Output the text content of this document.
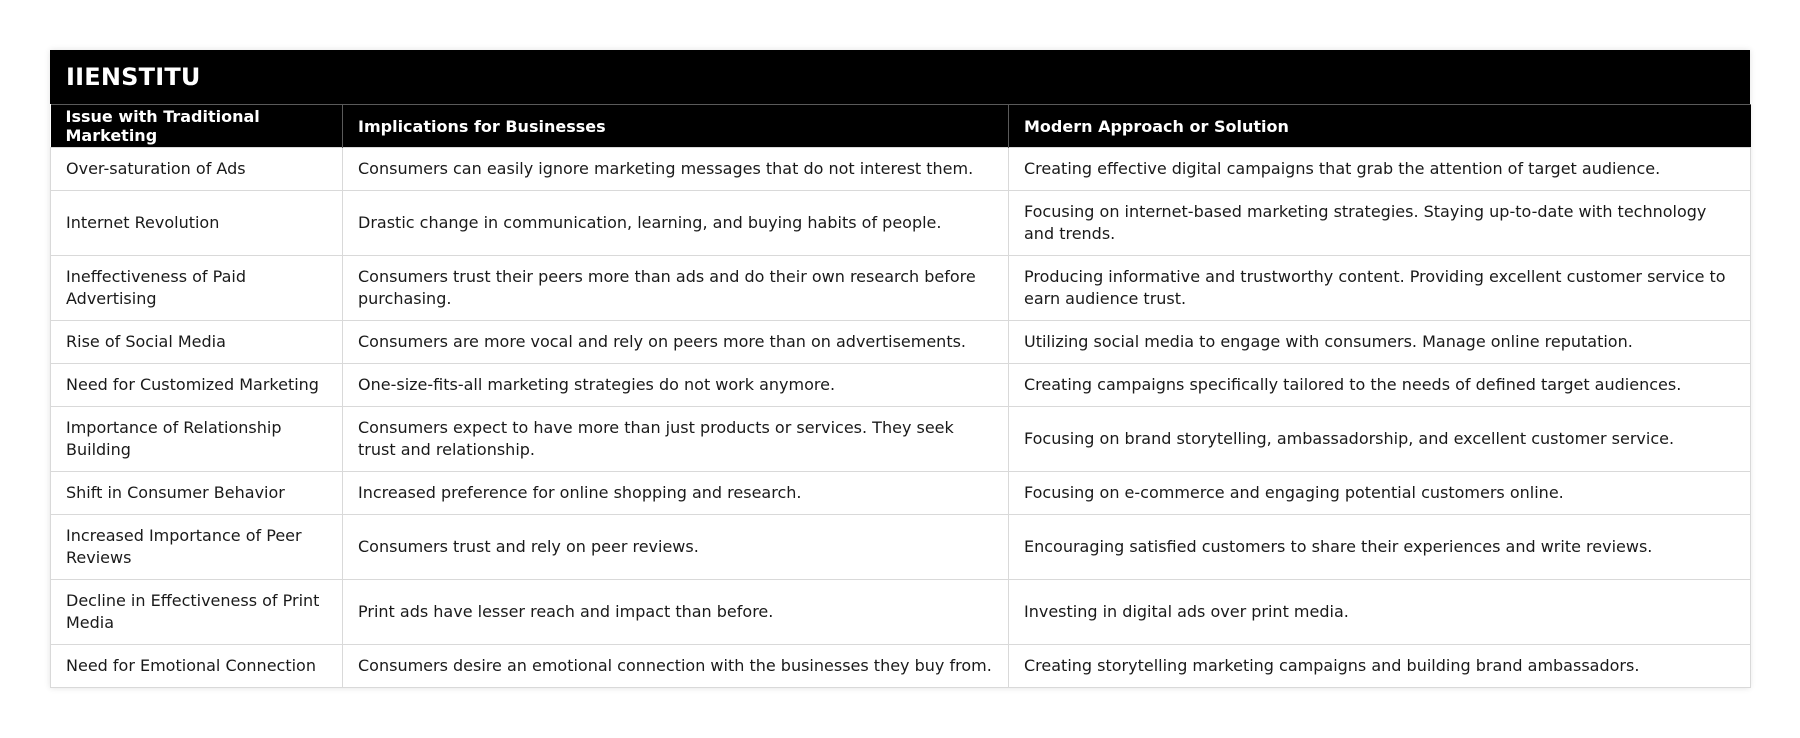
IIENSTITU
Issue with Traditional Marketing	Implications for Businesses	Modern Approach or Solution
Over-saturation of Ads	Consumers can easily ignore marketing messages that do not interest them.	Creating effective digital campaigns that grab the attention of target audience.
Internet Revolution	Drastic change in communication, learning, and buying habits of people.	Focusing on internet-based marketing strategies. Staying up-to-date with technology and trends.
Ineffectiveness of Paid Advertising	Consumers trust their peers more than ads and do their own research before purchasing.	Producing informative and trustworthy content. Providing excellent customer service to earn audience trust.
Rise of Social Media	Consumers are more vocal and rely on peers more than on advertisements.	Utilizing social media to engage with consumers. Manage online reputation.
Need for Customized Marketing	One-size-fits-all marketing strategies do not work anymore.	Creating campaigns specifically tailored to the needs of defined target audiences.
Importance of Relationship Building	Consumers expect to have more than just products or services. They seek trust and relationship.	Focusing on brand storytelling, ambassadorship, and excellent customer service.
Shift in Consumer Behavior	Increased preference for online shopping and research.	Focusing on e-commerce and engaging potential customers online.
Increased Importance of Peer Reviews	Consumers trust and rely on peer reviews.	Encouraging satisfied customers to share their experiences and write reviews.
Decline in Effectiveness of Print Media	Print ads have lesser reach and impact than before.	Investing in digital ads over print media.
Need for Emotional Connection	Consumers desire an emotional connection with the businesses they buy from.	Creating storytelling marketing campaigns and building brand ambassadors.
